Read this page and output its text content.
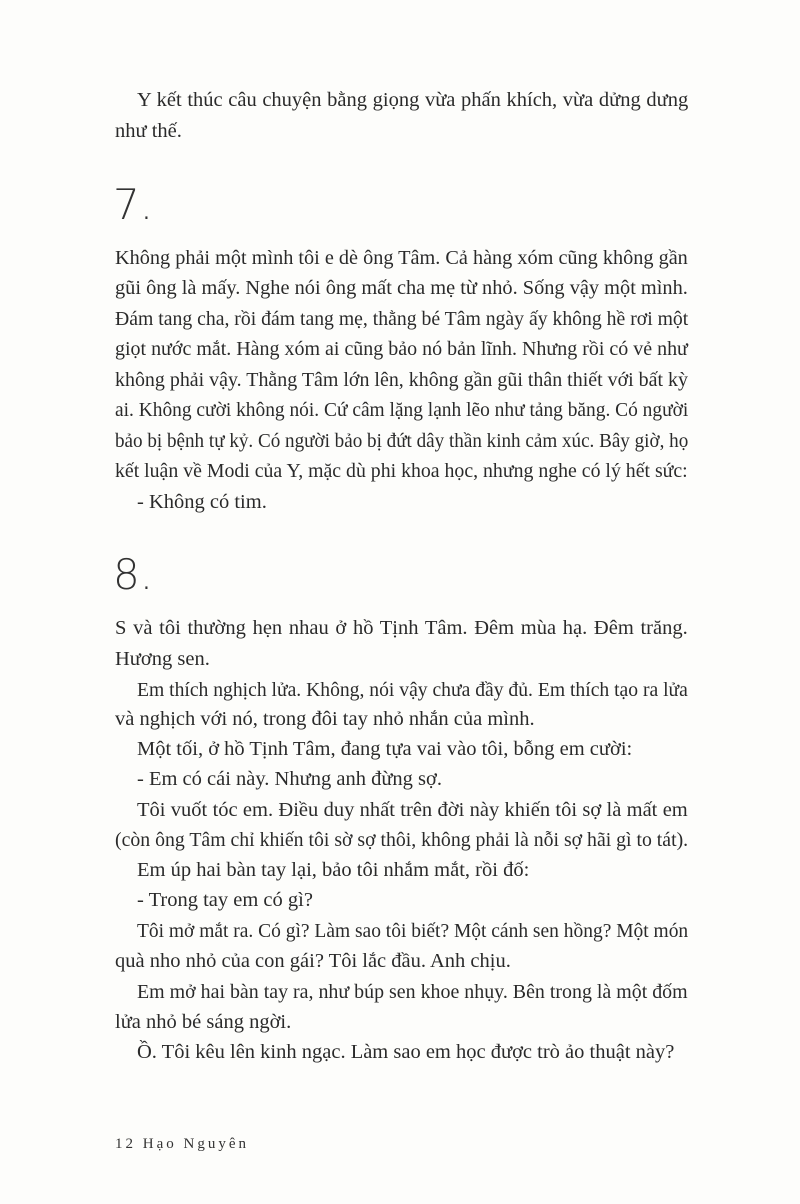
Y kết thúc câu chuyện bằng giọng vừa phấn khích, vừa dửng dưng
như thế.
7.
Không phải một mình tôi e dè ông Tâm. Cả hàng xóm cũng không gần
gũi ông là mấy. Nghe nói ông mất cha mẹ từ nhỏ. Sống vậy một mình.
Đám tang cha, rồi đám tang mẹ, thằng bé Tâm ngày ấy không hề rơi một
giọt nước mắt. Hàng xóm ai cũng bảo nó bản lĩnh. Nhưng rồi có vẻ như
không phải vậy. Thằng Tâm lớn lên, không gần gũi thân thiết với bất kỳ
ai. Không cười không nói. Cứ câm lặng lạnh lẽo như tảng băng. Có người
bảo bị bệnh tự kỷ. Có người bảo bị đứt dây thần kinh cảm xúc. Bây giờ, họ
kết luận về Modi của Y, mặc dù phi khoa học, nhưng nghe có lý hết sức:
- Không có tim.
8.
S và tôi thường hẹn nhau ở hồ Tịnh Tâm. Đêm mùa hạ. Đêm trăng.
Hương sen.
Em thích nghịch lửa. Không, nói vậy chưa đầy đủ. Em thích tạo ra lửa
và nghịch với nó, trong đôi tay nhỏ nhắn của mình.
Một tối, ở hồ Tịnh Tâm, đang tựa vai vào tôi, bỗng em cười:
- Em có cái này. Nhưng anh đừng sợ.
Tôi vuốt tóc em. Điều duy nhất trên đời này khiến tôi sợ là mất em
(còn ông Tâm chỉ khiến tôi sờ sợ thôi, không phải là nỗi sợ hãi gì to tát).
Em úp hai bàn tay lại, bảo tôi nhắm mắt, rồi đố:
- Trong tay em có gì?
Tôi mở mắt ra. Có gì? Làm sao tôi biết? Một cánh sen hồng? Một món
quà nho nhỏ của con gái? Tôi lắc đầu. Anh chịu.
Em mở hai bàn tay ra, như búp sen khoe nhụy. Bên trong là một đốm
lửa nhỏ bé sáng ngời.
Ồ. Tôi kêu lên kinh ngạc. Làm sao em học được trò ảo thuật này?
12 Hạo Nguyên
